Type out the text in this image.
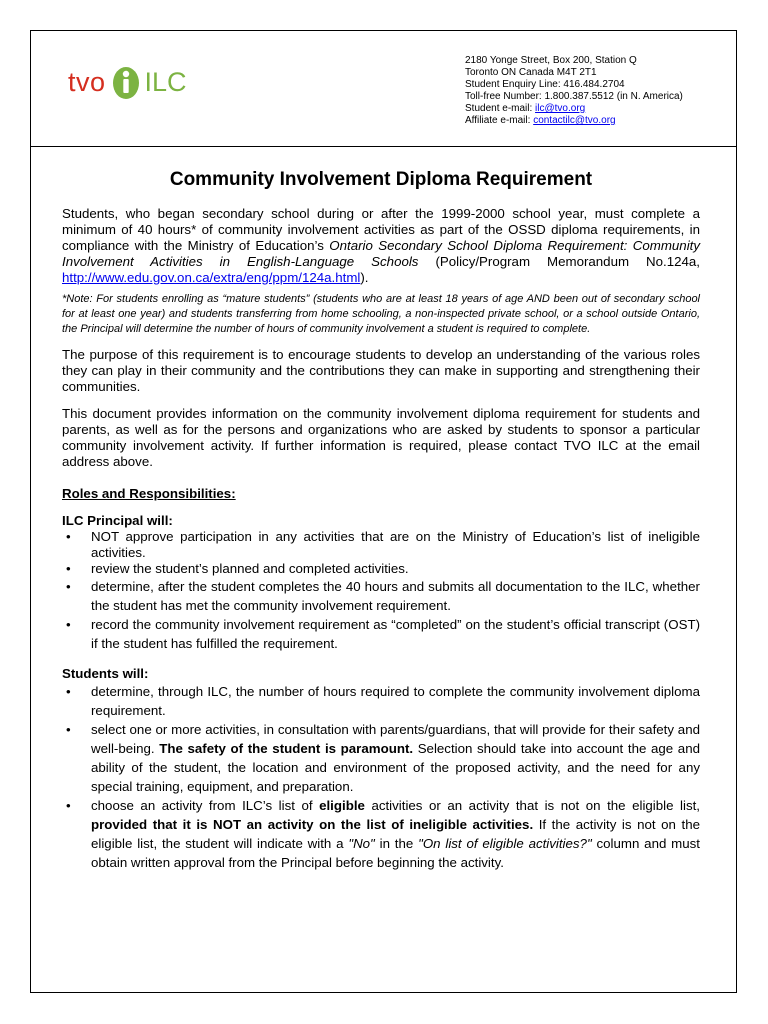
tvo ILC
2180 Yonge Street, Box 200, Station Q
Toronto ON Canada M4T 2T1
Student Enquiry Line: 416.484.2704
Toll-free Number: 1.800.387.5512 (in N. America)
Student e-mail: ilc@tvo.org
Affiliate e-mail: contactilc@tvo.org
Community Involvement Diploma Requirement

Students, who began secondary school during or after the 1999-2000 school year, must complete a minimum of 40 hours* of community involvement activities as part of the OSSD diploma requirements, in compliance with the Ministry of Education’s Ontario Secondary School Diploma Requirement: Community Involvement Activities in English-Language Schools (Policy/Program Memorandum No.124a, http://www.edu.gov.on.ca/extra/eng/ppm/124a.html).

*Note: For students enrolling as “mature students” (students who are at least 18 years of age AND been out of secondary school for at least one year) and students transferring from home schooling, a non-inspected private school, or a school outside Ontario, the Principal will determine the number of hours of community involvement a student is required to complete.

The purpose of this requirement is to encourage students to develop an understanding of the various roles they can play in their community and the contributions they can make in supporting and strengthening their communities.

This document provides information on the community involvement diploma requirement for students and parents, as well as for the persons and organizations who are asked by students to sponsor a particular community involvement activity. If further information is required, please contact TVO ILC at the email address above.

Roles and Responsibilities:
ILC Principal will:
• NOT approve participation in any activities that are on the Ministry of Education’s list of ineligible activities.
• review the student’s planned and completed activities.
• determine, after the student completes the 40 hours and submits all documentation to the ILC, whether the student has met the community involvement requirement.
• record the community involvement requirement as “completed” on the student’s official transcript (OST) if the student has fulfilled the requirement.
Students will:
• determine, through ILC, the number of hours required to complete the community involvement diploma requirement.
• select one or more activities, in consultation with parents/guardians, that will provide for their safety and well-being. The safety of the student is paramount. Selection should take into account the age and ability of the student, the location and environment of the proposed activity, and the need for any special training, equipment, and preparation.
• choose an activity from ILC’s list of eligible activities or an activity that is not on the eligible list, provided that it is NOT an activity on the list of ineligible activities. If the activity is not on the eligible list, the student will indicate with a "No" in the "On list of eligible activities?" column and must obtain written approval from the Principal before beginning the activity.
